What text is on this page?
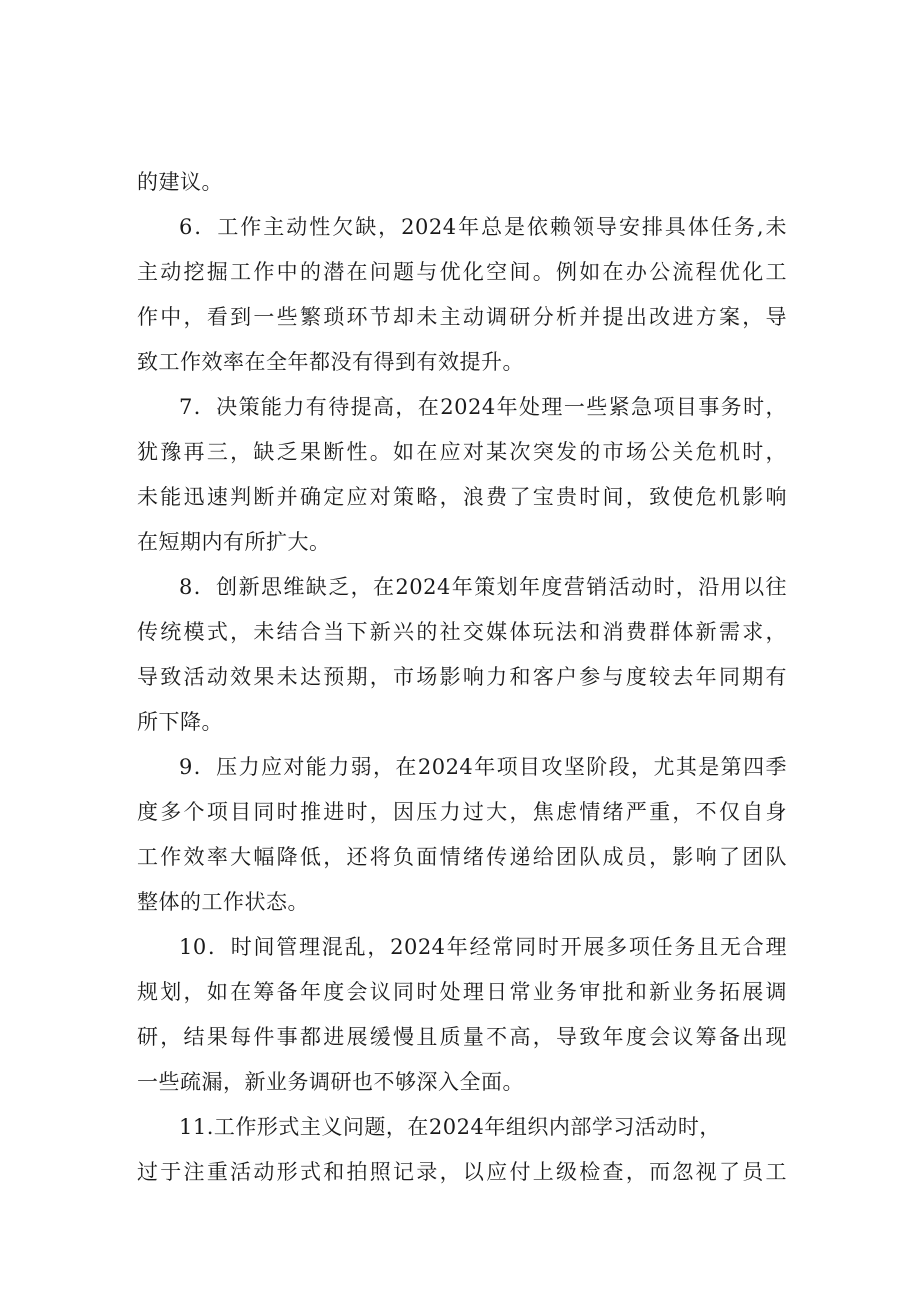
的建议。
6．工作主动性欠缺，2024年总是依赖领导安排具体任务,未
主动挖掘工作中的潜在问题与优化空间。例如在办公流程优化工
作中，看到一些繁琐环节却未主动调研分析并提出改进方案，导
致工作效率在全年都没有得到有效提升。
7．决策能力有待提高，在2024年处理一些紧急项目事务时，
犹豫再三，缺乏果断性。如在应对某次突发的市场公关危机时，
未能迅速判断并确定应对策略，浪费了宝贵时间，致使危机影响
在短期内有所扩大。
8．创新思维缺乏，在2024年策划年度营销活动时，沿用以往
传统模式，未结合当下新兴的社交媒体玩法和消费群体新需求，
导致活动效果未达预期，市场影响力和客户参与度较去年同期有
所下降。
9．压力应对能力弱，在2024年项目攻坚阶段，尤其是第四季
度多个项目同时推进时，因压力过大，焦虑情绪严重，不仅自身
工作效率大幅降低，还将负面情绪传递给团队成员，影响了团队
整体的工作状态。
10．时间管理混乱，2024年经常同时开展多项任务且无合理
规划，如在筹备年度会议同时处理日常业务审批和新业务拓展调
研，结果每件事都进展缓慢且质量不高，导致年度会议筹备出现
一些疏漏，新业务调研也不够深入全面。
11.工作形式主义问题，在2024年组织内部学习活动时，
过于注重活动形式和拍照记录，以应付上级检查，而忽视了员工
